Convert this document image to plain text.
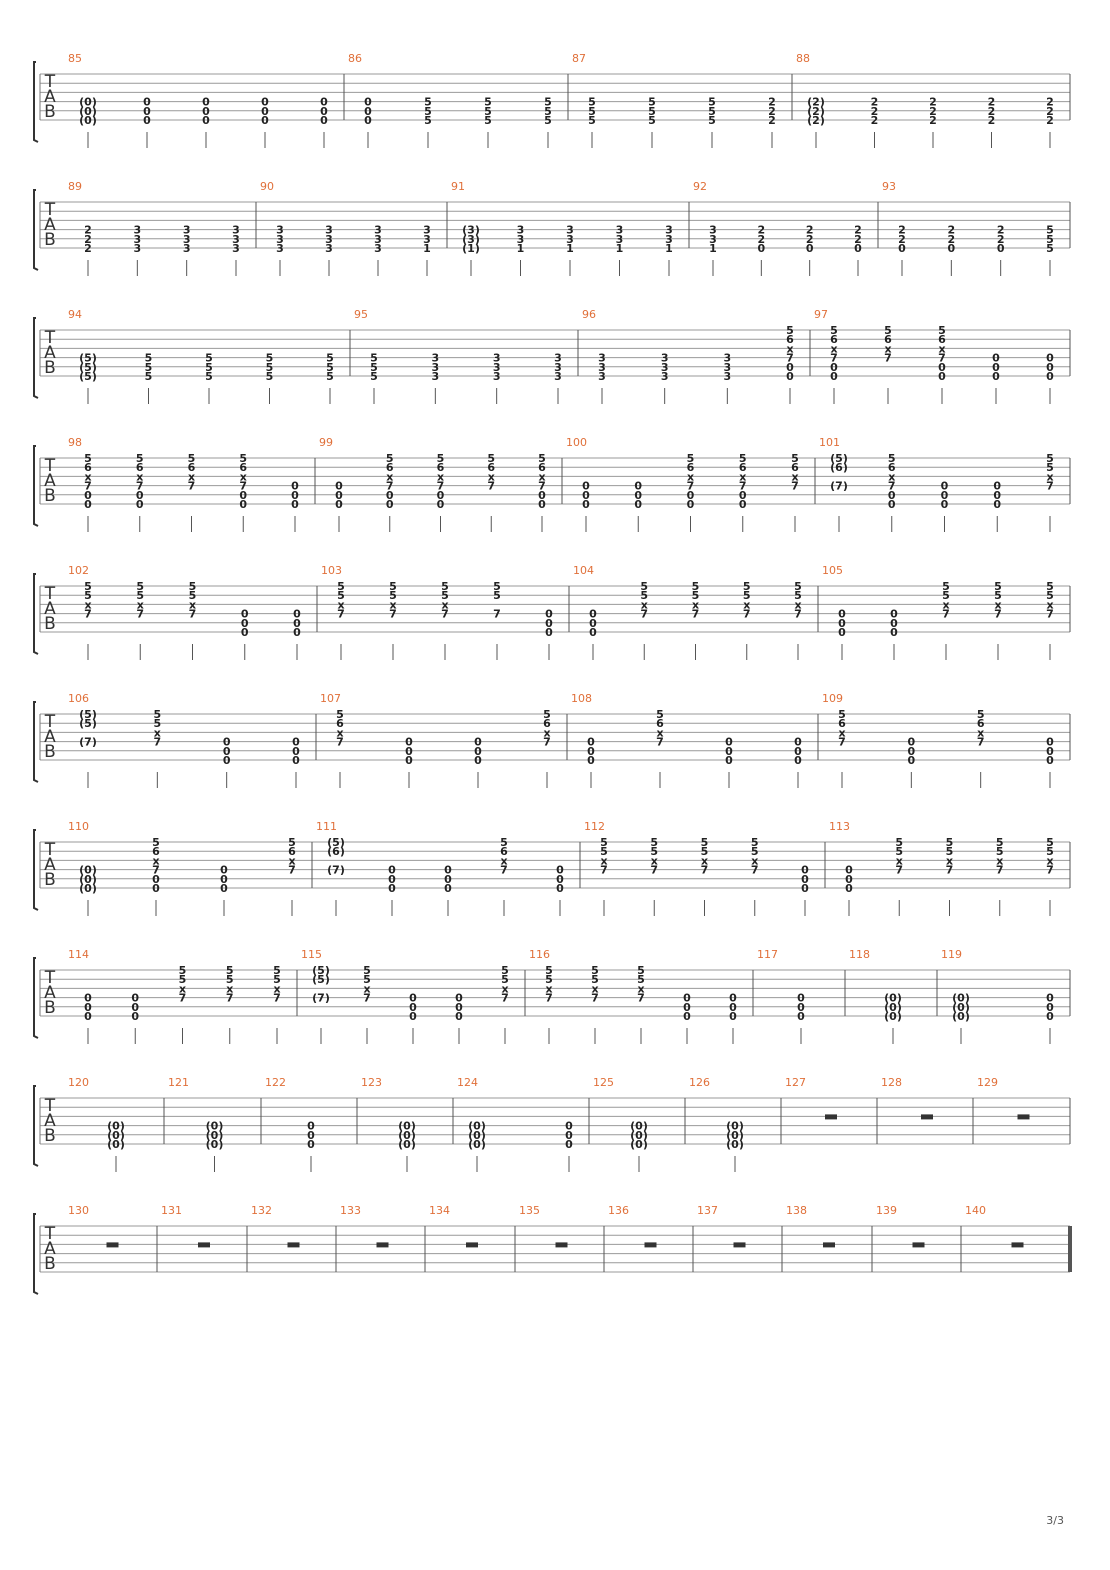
T
A
B
85
(0)
(0)
(0)
0
0
0
0
0
0
0
0
0
0
0
0
86
0
0
0
5
5
5
5
5
5
5
5
5
87
5
5
5
5
5
5
5
5
5
2
2
2
88
(2)
(2)
(2)
2
2
2
2
2
2
2
2
2
2
2
2
T
A
B
89
2
2
2
3
3
3
3
3
3
3
3
3
90
3
3
3
3
3
3
3
3
3
3
3
1
91
(3)
(3)
(1)
3
3
1
3
3
1
3
3
1
3
3
1
92
3
3
1
2
2
0
2
2
0
2
2
0
93
2
2
0
2
2
0
2
2
0
5
5
5
T
A
B
94
(5)
(5)
(5)
5
5
5
5
5
5
5
5
5
5
5
5
95
5
5
5
3
3
3
3
3
3
3
3
3
96
3
3
3
3
3
3
3
3
3
5
6
x
7
0
0
97
5
6
x
7
0
0
5
6
x
7
5
6
x
7
0
0
0
0
0
0
0
0
T
A
B
98
5
6
x
7
0
0
5
6
x
7
0
0
5
6
x
7
5
6
x
7
0
0
0
0
0
99
0
0
0
5
6
x
7
0
0
5
6
x
7
0
0
5
6
x
7
5
6
x
7
0
0
100
0
0
0
0
0
0
5
6
x
7
0
0
5
6
x
7
0
0
5
6
x
7
101
(5)
(6)
(7)
5
6
x
7
0
0
0
0
0
0
0
0
5
5
x
7
T
A
B
102
5
5
x
7
5
5
x
7
5
5
x
7	0
0
0
0
0
0
103
5
5
x
7
5
5
x
7
5
5
x
7
5
5
7	0
0
0
104
0
0
0
5
5
x
7
5
5
x
7
5
5
x
7
5
5
x
7
105
0
0
0
0
0
0
5
5
x
7
5
5
x
7
5
5
x
7
T
A
B
106
(5)
(5)
(7)
5
5
x
7	0
0
0
0
0
0
107
5
6
x
7	0
0
0
0
0
0
5
6
x
7
108
0
0
0
5
6
x
7	0
0
0
0
0
0
109
5
6
x
7	0
0
0
5
6
x
7	0
0
0
T
A
B
110
(0)
(0)
(0)
5
6
x
7
0
0
0
0
0
5
6
x
7
111
(5)
(6)
(7)	0
0
0
0
0
0
5
6
x
7	0
0
0
112
5
5
x
7
5
5
x
7
5
5
x
7
5
5
x
7	0
0
0
113
0
0
0
5
5
x
7
5
5
x
7
5
5
x
7
5
5
x
7
T
A
B
114
0
0
0
0
0
0
5
5
x
7
5
5
x
7
5
5
x
7
115
(5)
(5)
(7)
5
5
x
7	0
0
0
0
0
0
5
5
x
7
116
5
5
x
7
5
5
x
7
5
5
x
7	0
0
0
0
0
0
117
0
0
0
118
(0)
(0)
(0)
119
(0)
(0)
(0)
0
0
0
T
A
B
120
(0)
(0)
(0)
121
(0)
(0)
(0)
122
0
0
0
123
(0)
(0)
(0)
124
(0)
(0)
(0)
0
0
0
125
(0)
(0)
(0)
126
(0)
(0)
(0)
127	128	129
T
A
B
130	131	132	133	134	135	136	137	138	139	140
3/3
